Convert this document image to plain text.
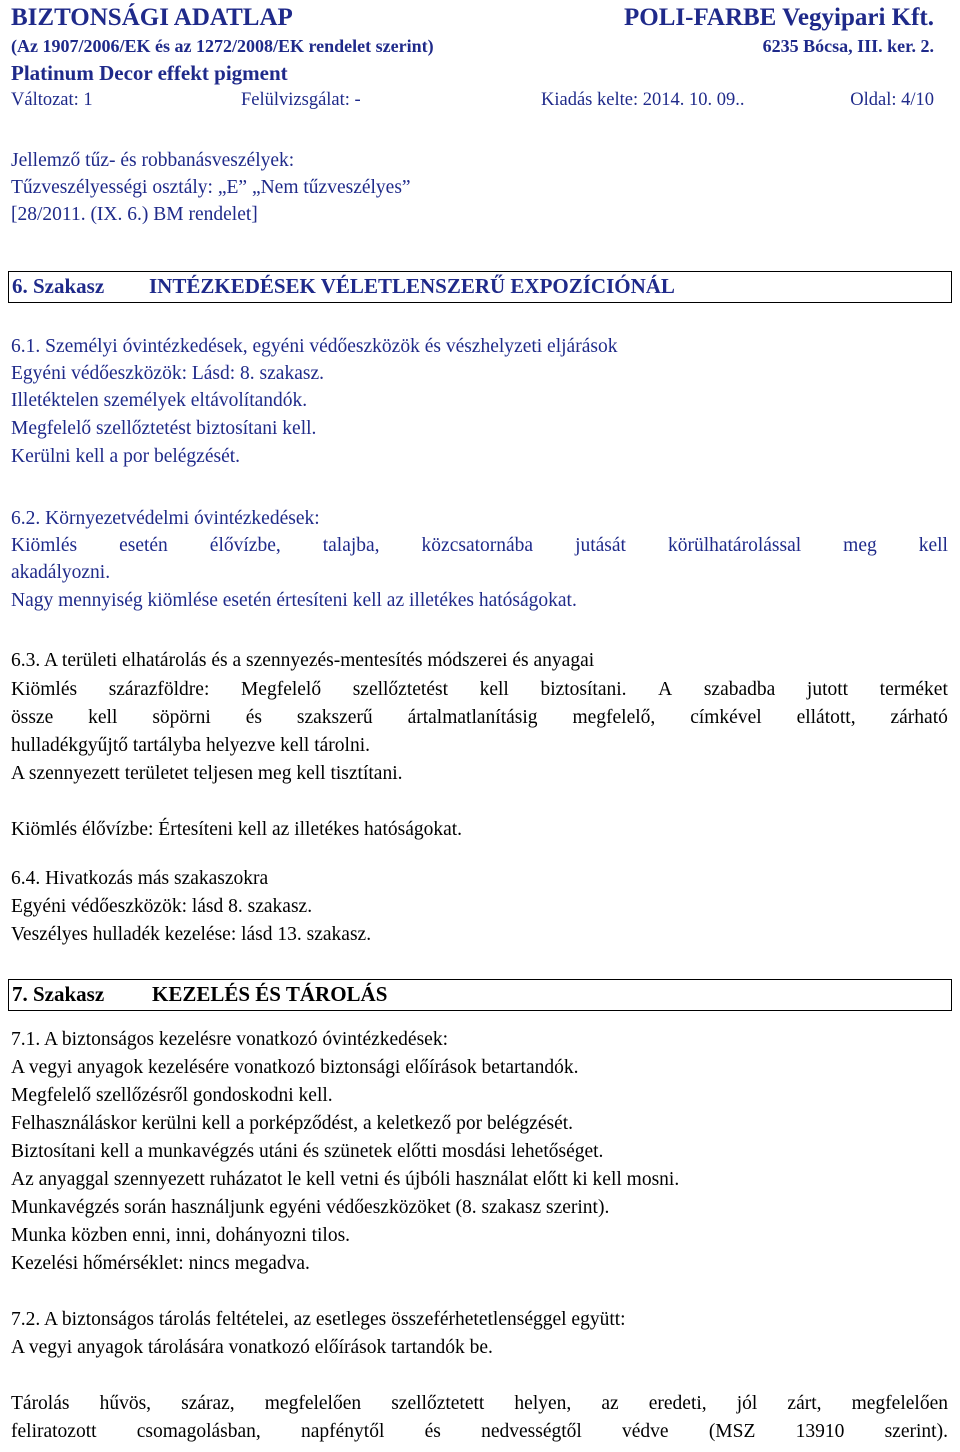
BIZTONSÁGI ADATLAP	POLI-FARBE Vegyipari Kft.
(Az 1907/2006/EK és az 1272/2008/EK rendelet szerint)	6235 Bócsa, III. ker. 2.
Platinum Decor effekt pigment
Változat: 1	Felülvizsgálat: -	Kiadás kelte: 2014. 10. 09..	Oldal: 4/10
Jellemző tűz- és robbanásveszélyek:
Tűzveszélyességi osztály: „E” „Nem tűzveszélyes”
[28/2011. (IX. 6.) BM rendelet]
6. Szakasz INTÉZKEDÉSEK VÉLETLENSZERŰ EXPOZÍCIÓNÁL
6.1. Személyi óvintézkedések, egyéni védőeszközök és vészhelyzeti eljárások
Egyéni védőeszközök: Lásd: 8. szakasz.
Illetéktelen személyek eltávolítandók.
Megfelelő szellőztetést biztosítani kell.
Kerülni kell a por belégzését.
6.2. Környezetvédelmi óvintézkedések:
Kiömlés esetén élővízbe, talajba, közcsatornába jutását körülhatárolással meg kell
akadályozni.
Nagy mennyiség kiömlése esetén értesíteni kell az illetékes hatóságokat.
6.3. A területi elhatárolás és a szennyezés-mentesítés módszerei és anyagai
Kiömlés szárazföldre: Megfelelő szellőztetést kell biztosítani. A szabadba jutott terméket
össze kell söpörni és szakszerű ártalmatlanításig megfelelő, címkével ellátott, zárható
hulladékgyűjtő tartályba helyezve kell tárolni.
A szennyezett területet teljesen meg kell tisztítani.
Kiömlés élővízbe: Értesíteni kell az illetékes hatóságokat.
6.4. Hivatkozás más szakaszokra
Egyéni védőeszközök: lásd 8. szakasz.
Veszélyes hulladék kezelése: lásd 13. szakasz.
7. Szakasz KEZELÉS ÉS TÁROLÁS
7.1. A biztonságos kezelésre vonatkozó óvintézkedések:
A vegyi anyagok kezelésére vonatkozó biztonsági előírások betartandók.
Megfelelő szellőzésről gondoskodni kell.
Felhasználáskor kerülni kell a porképződést, a keletkező por belégzését.
Biztosítani kell a munkavégzés utáni és szünetek előtti mosdási lehetőséget.
Az anyaggal szennyezett ruházatot le kell vetni és újbóli használat előtt ki kell mosni.
Munkavégzés során használjunk egyéni védőeszközöket (8. szakasz szerint).
Munka közben enni, inni, dohányozni tilos.
Kezelési hőmérséklet: nincs megadva.
7.2. A biztonságos tárolás feltételei, az esetleges összeférhetetlenséggel együtt:
A vegyi anyagok tárolására vonatkozó előírások tartandók be.
Tárolás hűvös, száraz, megfelelően szellőztetett helyen, az eredeti, jól zárt, megfelelően
feliratozott csomagolásban, napfénytől és nedvességtől védve (MSZ 13910 szerint).
